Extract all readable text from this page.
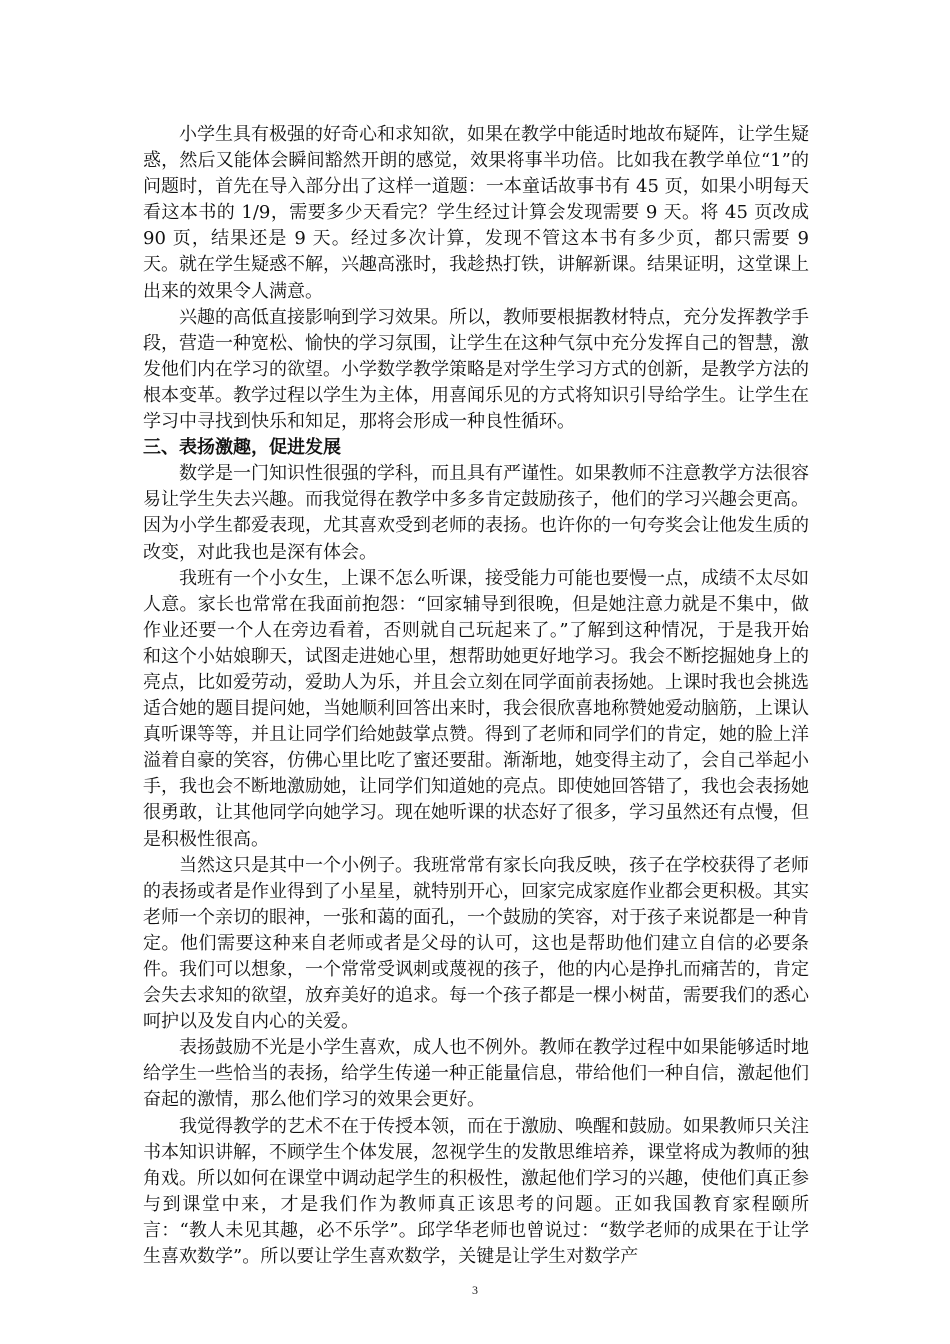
小学生具有极强的好奇心和求知欲，如果在教学中能适时地故布疑阵，让学生疑惑，然后又能体会瞬间豁然开朗的感觉，效果将事半功倍。比如我在教学单位“1”的问题时，首先在导入部分出了这样一道题：一本童话故事书有 45 页，如果小明每天看这本书的 1/9，需要多少天看完？学生经过计算会发现需要 9 天。将 45 页改成 90 页，结果还是 9 天。经过多次计算，发现不管这本书有多少页，都只需要 9 天。就在学生疑惑不解，兴趣高涨时，我趁热打铁，讲解新课。结果证明，这堂课上出来的效果令人满意。

兴趣的高低直接影响到学习效果。所以，教师要根据教材特点，充分发挥教学手段，营造一种宽松、愉快的学习氛围，让学生在这种气氛中充分发挥自己的智慧，激发他们内在学习的欲望。小学数学教学策略是对学生学习方式的创新，是教学方法的根本变革。教学过程以学生为主体，用喜闻乐见的方式将知识引导给学生。让学生在学习中寻找到快乐和知足，那将会形成一种良性循环。

三、表扬激趣，促进发展

数学是一门知识性很强的学科，而且具有严谨性。如果教师不注意教学方法很容易让学生失去兴趣。而我觉得在教学中多多肯定鼓励孩子，他们的学习兴趣会更高。因为小学生都爱表现，尤其喜欢受到老师的表扬。也许你的一句夸奖会让他发生质的改变，对此我也是深有体会。

我班有一个小女生，上课不怎么听课，接受能力可能也要慢一点，成绩不太尽如人意。家长也常常在我面前抱怨：“回家辅导到很晚，但是她注意力就是不集中，做作业还要一个人在旁边看着，否则就自己玩起来了。”了解到这种情况，于是我开始和这个小姑娘聊天，试图走进她心里，想帮助她更好地学习。我会不断挖掘她身上的亮点，比如爱劳动，爱助人为乐，并且会立刻在同学面前表扬她。上课时我也会挑选适合她的题目提问她，当她顺利回答出来时，我会很欣喜地称赞她爱动脑筋，上课认真听课等等，并且让同学们给她鼓掌点赞。得到了老师和同学们的肯定，她的脸上洋溢着自豪的笑容，仿佛心里比吃了蜜还要甜。渐渐地，她变得主动了，会自己举起小手，我也会不断地激励她，让同学们知道她的亮点。即使她回答错了，我也会表扬她很勇敢，让其他同学向她学习。现在她听课的状态好了很多，学习虽然还有点慢，但是积极性很高。

当然这只是其中一个小例子。我班常常有家长向我反映，孩子在学校获得了老师的表扬或者是作业得到了小星星，就特别开心，回家完成家庭作业都会更积极。其实老师一个亲切的眼神，一张和蔼的面孔，一个鼓励的笑容，对于孩子来说都是一种肯定。他们需要这种来自老师或者是父母的认可，这也是帮助他们建立自信的必要条件。我们可以想象，一个常常受讽刺或蔑视的孩子，他的内心是挣扎而痛苦的，肯定会失去求知的欲望，放弃美好的追求。每一个孩子都是一棵小树苗，需要我们的悉心呵护以及发自内心的关爱。

表扬鼓励不光是小学生喜欢，成人也不例外。教师在教学过程中如果能够适时地给学生一些恰当的表扬，给学生传递一种正能量信息，带给他们一种自信，激起他们奋起的激情，那么他们学习的效果会更好。

我觉得教学的艺术不在于传授本领，而在于激励、唤醒和鼓励。如果教师只关注书本知识讲解，不顾学生个体发展，忽视学生的发散思维培养，课堂将成为教师的独角戏。所以如何在课堂中调动起学生的积极性，激起他们学习的兴趣，使他们真正参与到课堂中来，才是我们作为教师真正该思考的问题。正如我国教育家程颐所言：“教人未见其趣，必不乐学”。邱学华老师也曾说过：“数学老师的成果在于让学生喜欢数学”。所以要让学生喜欢数学，关键是让学生对数学产

3
